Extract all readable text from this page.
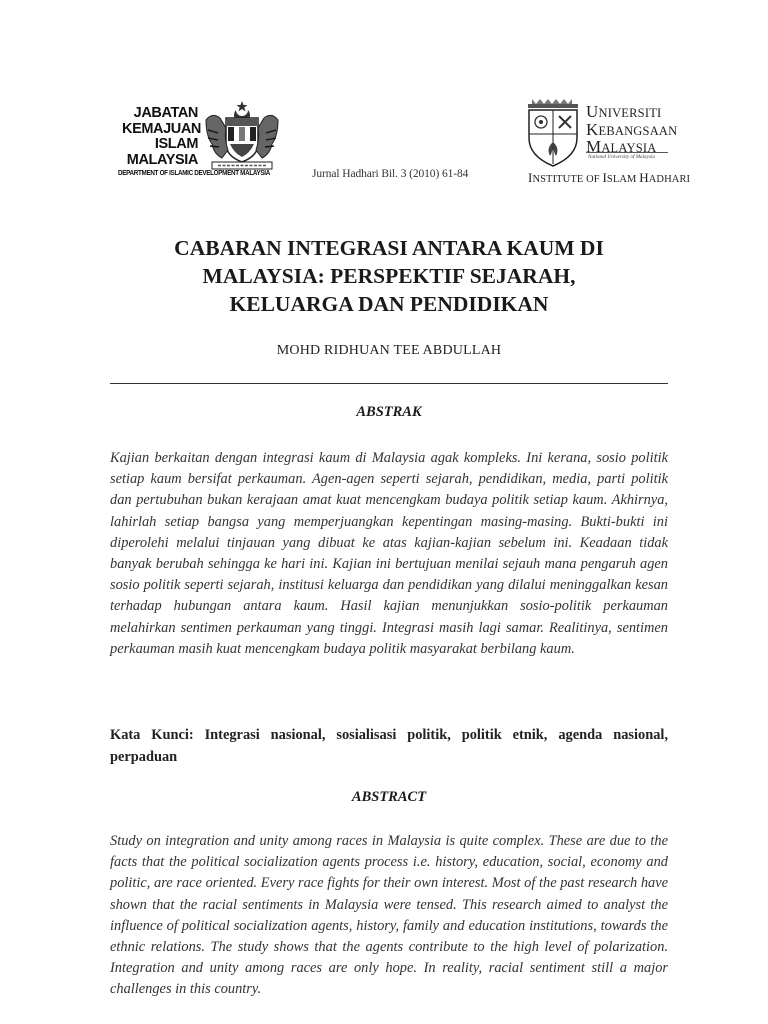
JABATAN
KEMAJUAN
ISLAM
MALAYSIA
DEPARTMENT OF ISLAMIC DEVELOPMENT MALAYSIA	Jurnal Hadhari Bil. 3 (2010) 61-84
UNIVERSITI
KEBANGSAAN
MALAYSIA
National University of Malaysia
INSTITUTE OF ISLAM HADHARI
CABARAN INTEGRASI ANTARA KAUM DI
MALAYSIA: PERSPEKTIF SEJARAH,
KELUARGA DAN PENDIDIKAN
MOHD RIDHUAN TEE ABDULLAH
ABSTRAK

Kajian berkaitan dengan integrasi kaum di Malaysia agak kompleks. Ini kerana, sosio politik setiap kaum bersifat perkauman. Agen-agen seperti sejarah, pendidikan, media, parti politik dan pertubuhan bukan kerajaan amat kuat mencengkam budaya politik setiap kaum. Akhirnya, lahirlah setiap bangsa yang memperjuangkan kepentingan masing-masing. Bukti-bukti ini diperolehi melalui tinjauan yang dibuat ke atas kajian-kajian sebelum ini. Keadaan tidak banyak berubah sehingga ke hari ini. Kajian ini bertujuan menilai sejauh mana pengaruh agen sosio politik seperti sejarah, institusi keluarga dan pendidikan yang dilalui meninggalkan kesan terhadap hubungan antara kaum. Hasil kajian menunjukkan sosio-politik perkauman melahirkan sentimen perkauman yang tinggi. Integrasi masih lagi samar. Realitinya, sentimen perkauman masih kuat mencengkam budaya politik masyarakat berbilang kaum.

Kata Kunci: Integrasi nasional, sosialisasi politik, politik etnik, agenda nasional, perpaduan

ABSTRACT

Study on integration and unity among races in Malaysia is quite complex. These are due to the facts that the political socialization agents process i.e. history, education, social, economy and politic, are race oriented. Every race fights for their own interest. Most of the past research have shown that the racial sentiments in Malaysia were tensed. This research aimed to analyst the influence of political socialization agents, history, family and education institutions, towards the ethnic relations. The study shows that the agents contribute to the high level of polarization. Integration and unity among races are only hope. In reality, racial sentiment still a major challenges in this country.
